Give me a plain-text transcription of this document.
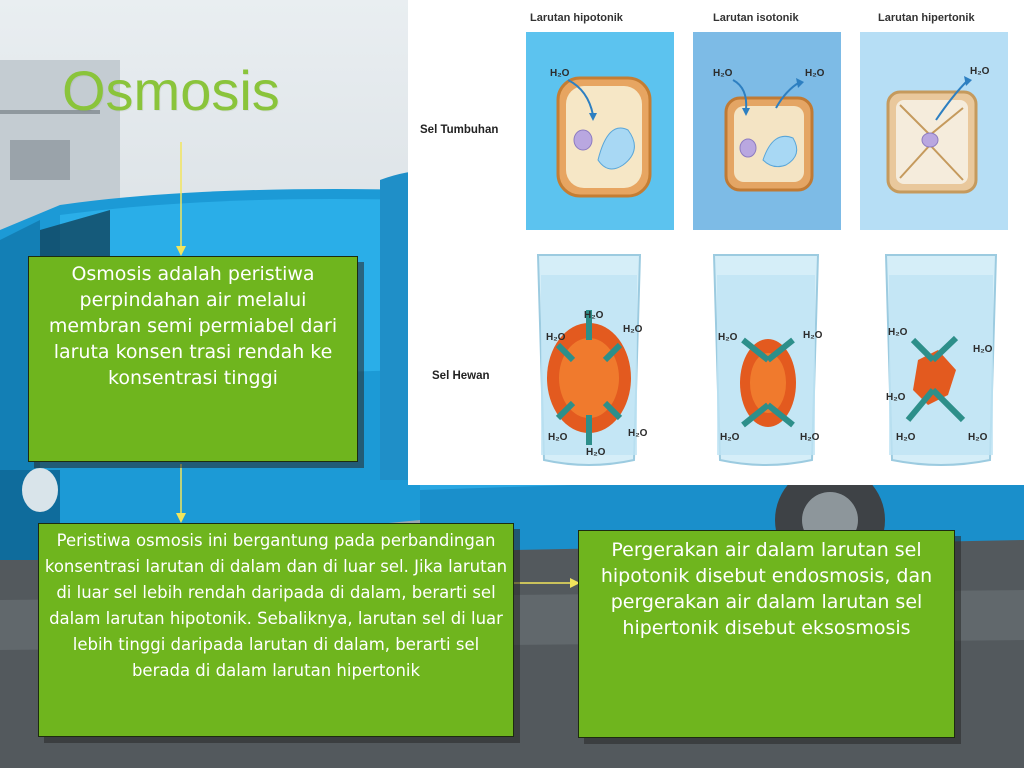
Osmosis

Osmosis adalah peristiwa perpindahan air melalui membran semi permiabel dari laruta konsen trasi rendah ke konsentrasi tinggi

Peristiwa osmosis ini bergantung pada perbandingan konsentrasi larutan di dalam dan di luar sel. Jika larutan di luar sel lebih rendah daripada di dalam, berarti sel dalam larutan hipotonik. Sebaliknya, larutan sel di luar lebih tinggi daripada larutan di dalam, berarti sel berada di dalam larutan hipertonik

Pergerakan air dalam larutan sel hipotonik disebut endosmosis, dan pergerakan air dalam larutan sel hipertonik disebut eksosmosis

Larutan hipotonik	Larutan isotonik	Larutan hipertonik
Sel Tumbuhan
Sel Hewan
H₂O	H₂O	H₂O	H₂O
H₂O
H₂O
H₂O
H₂O	H₂O
H₂O
H₂O	H₂O
H₂O	H₂O
H₂O
H₂O
H₂O
H₂O	H₂O
